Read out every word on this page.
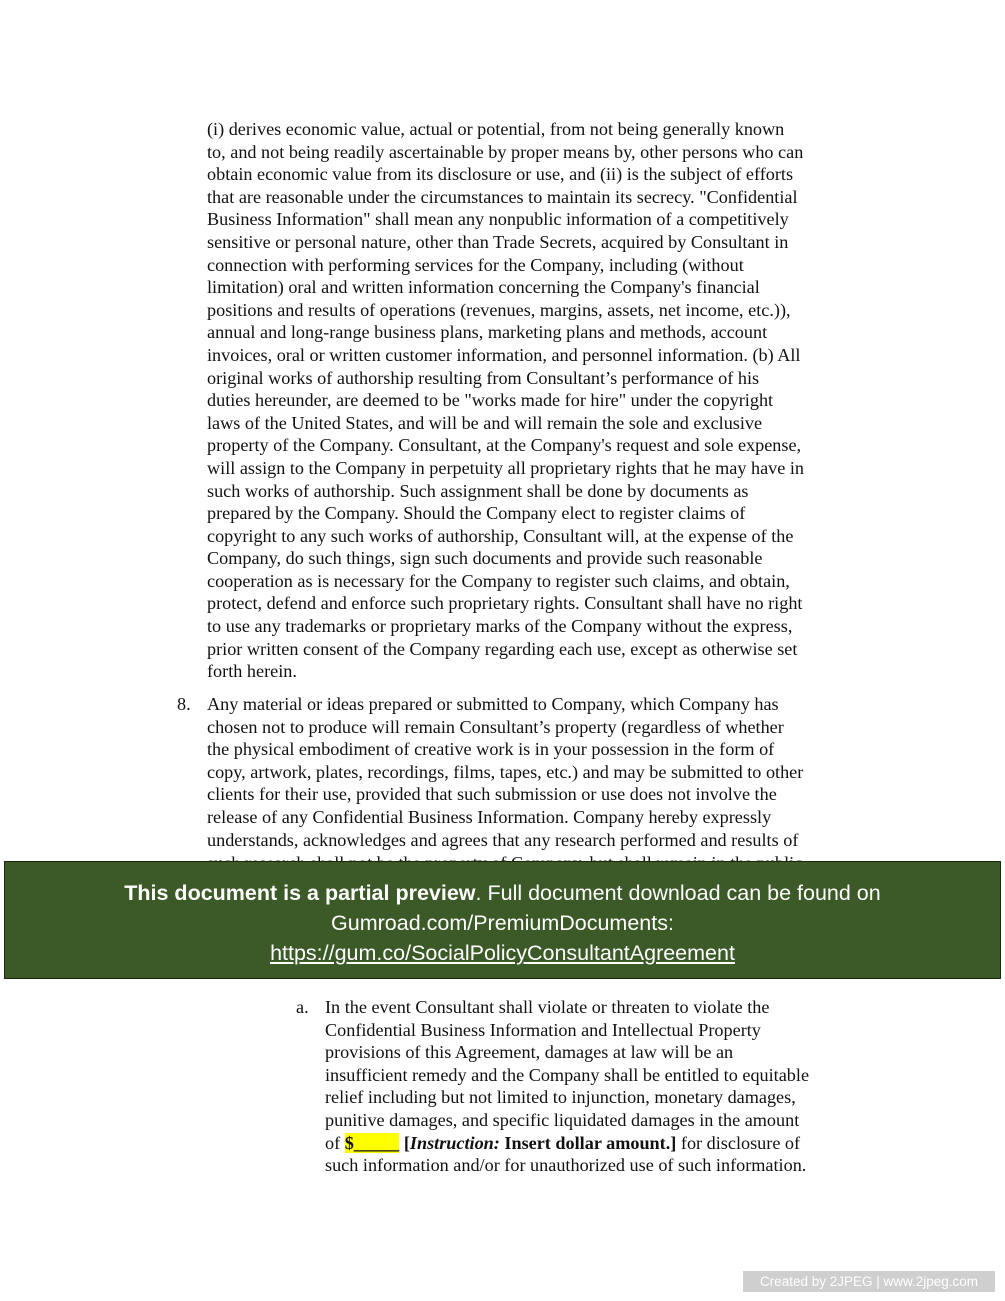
(i) derives economic value, actual or potential, from not being generally known
to, and not being readily ascertainable by proper means by, other persons who can
obtain economic value from its disclosure or use, and (ii) is the subject of efforts
that are reasonable under the circumstances to maintain its secrecy. "Confidential
Business Information" shall mean any nonpublic information of a competitively
sensitive or personal nature, other than Trade Secrets, acquired by Consultant in
connection with performing services for the Company, including (without
limitation) oral and written information concerning the Company's financial
positions and results of operations (revenues, margins, assets, net income, etc.)),
annual and long-range business plans, marketing plans and methods, account
invoices, oral or written customer information, and personnel information. (b) All
original works of authorship resulting from Consultant’s performance of his
duties hereunder, are deemed to be "works made for hire" under the copyright
laws of the United States, and will be and will remain the sole and exclusive
property of the Company. Consultant, at the Company's request and sole expense,
will assign to the Company in perpetuity all proprietary rights that he may have in
such works of authorship. Such assignment shall be done by documents as
prepared by the Company. Should the Company elect to register claims of
copyright to any such works of authorship, Consultant will, at the expense of the
Company, do such things, sign such documents and provide such reasonable
cooperation as is necessary for the Company to register such claims, and obtain,
protect, defend and enforce such proprietary rights. Consultant shall have no right
to use any trademarks or proprietary marks of the Company without the express,
prior written consent of the Company regarding each use, except as otherwise set
forth herein.
8. Any material or ideas prepared or submitted to Company, which Company has
chosen not to produce will remain Consultant’s property (regardless of whether
the physical embodiment of creative work is in your possession in the form of
copy, artwork, plates, recordings, films, tapes, etc.) and may be submitted to other
clients for their use, provided that such submission or use does not involve the
release of any Confidential Business Information. Company hereby expressly
understands, acknowledges and agrees that any research performed and results of
a. In the event Consultant shall violate or threaten to violate the
Confidential Business Information and Intellectual Property
provisions of this Agreement, damages at law will be an
insufficient remedy and the Company shall be entitled to equitable
relief including but not limited to injunction, monetary damages,
punitive damages, and specific liquidated damages in the amount
of $_____ [Instruction: Insert dollar amount.] for disclosure of
such information and/or for unauthorized use of such information.
This document is a partial preview. Full document download can be found on
Gumroad.com/PremiumDocuments:
https://gum.co/SocialPolicyConsultantAgreement
Created by 2JPEG | www.2jpeg.com
